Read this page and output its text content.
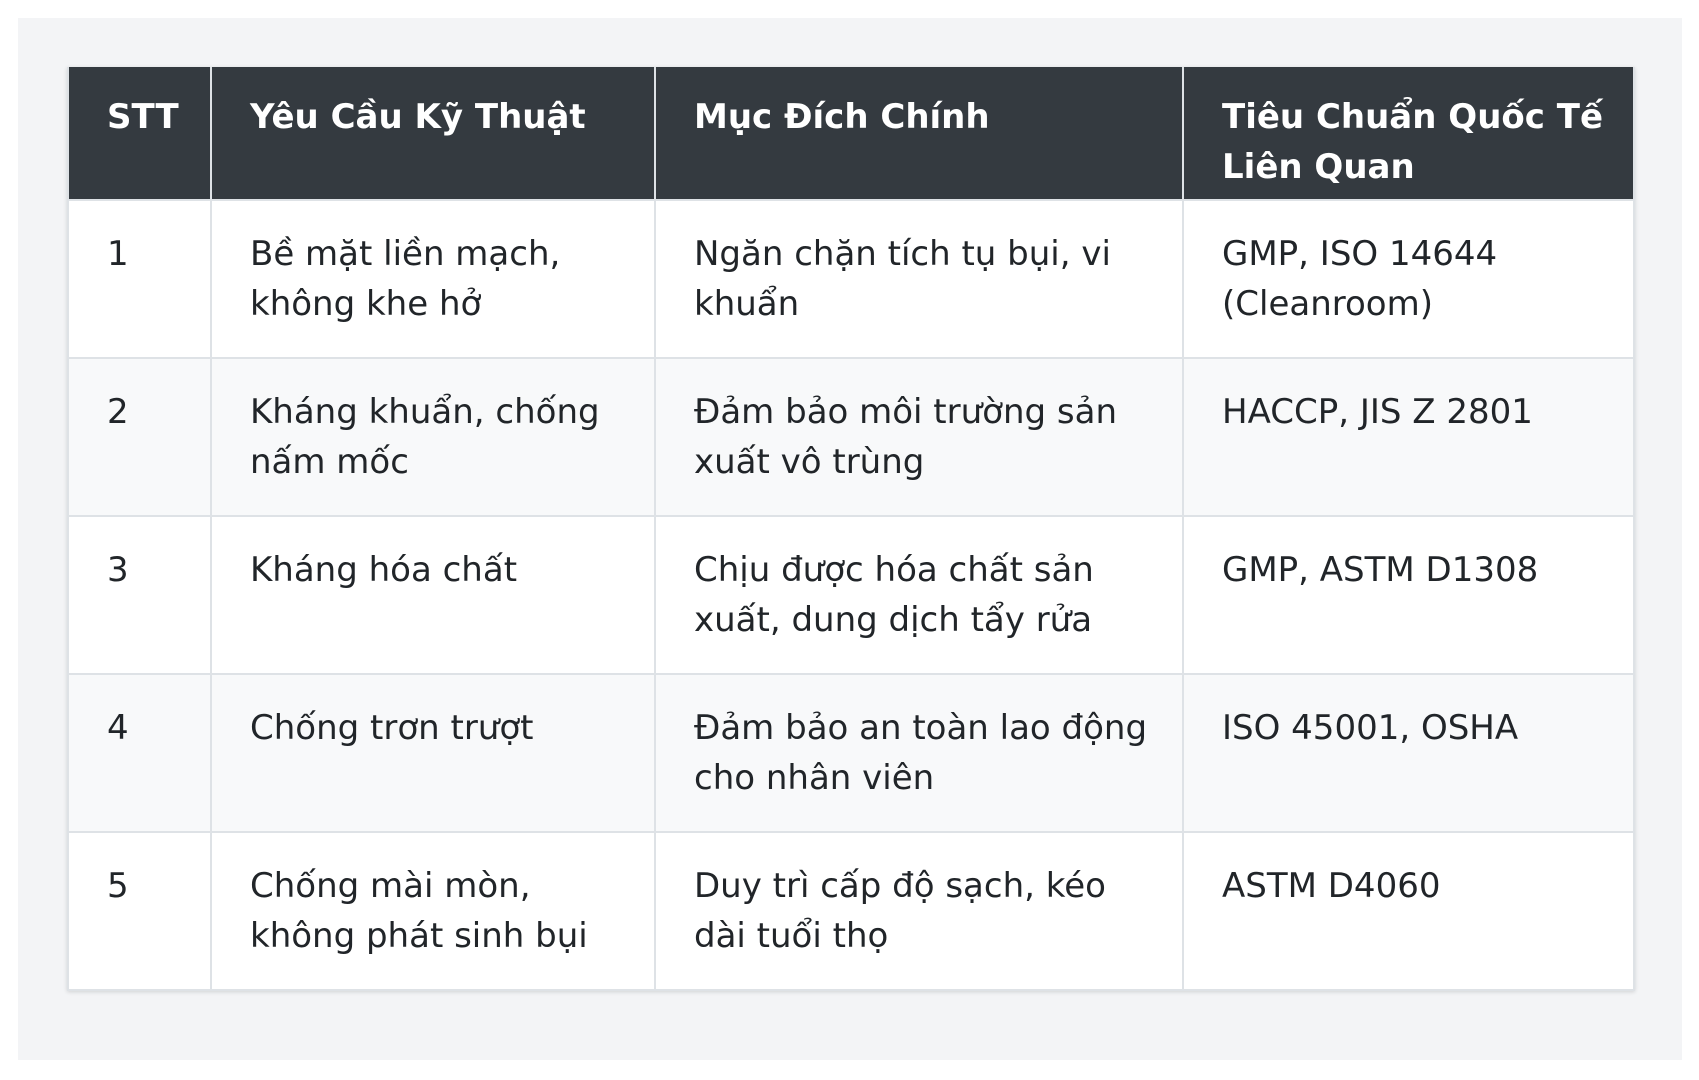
STT	Yêu Cầu Kỹ Thuật	Mục Đích Chính	Tiêu Chuẩn Quốc Tế Liên Quan
1	Bề mặt liền mạch, không khe hở	Ngăn chặn tích tụ bụi, vi khuẩn	GMP, ISO 14644 (Cleanroom)
2	Kháng khuẩn, chống nấm mốc	Đảm bảo môi trường sản xuất vô trùng	HACCP, JIS Z 2801
3	Kháng hóa chất	Chịu được hóa chất sản xuất, dung dịch tẩy rửa	GMP, ASTM D1308
4	Chống trơn trượt	Đảm bảo an toàn lao động cho nhân viên	ISO 45001, OSHA
5	Chống mài mòn, không phát sinh bụi	Duy trì cấp độ sạch, kéo dài tuổi thọ	ASTM D4060
